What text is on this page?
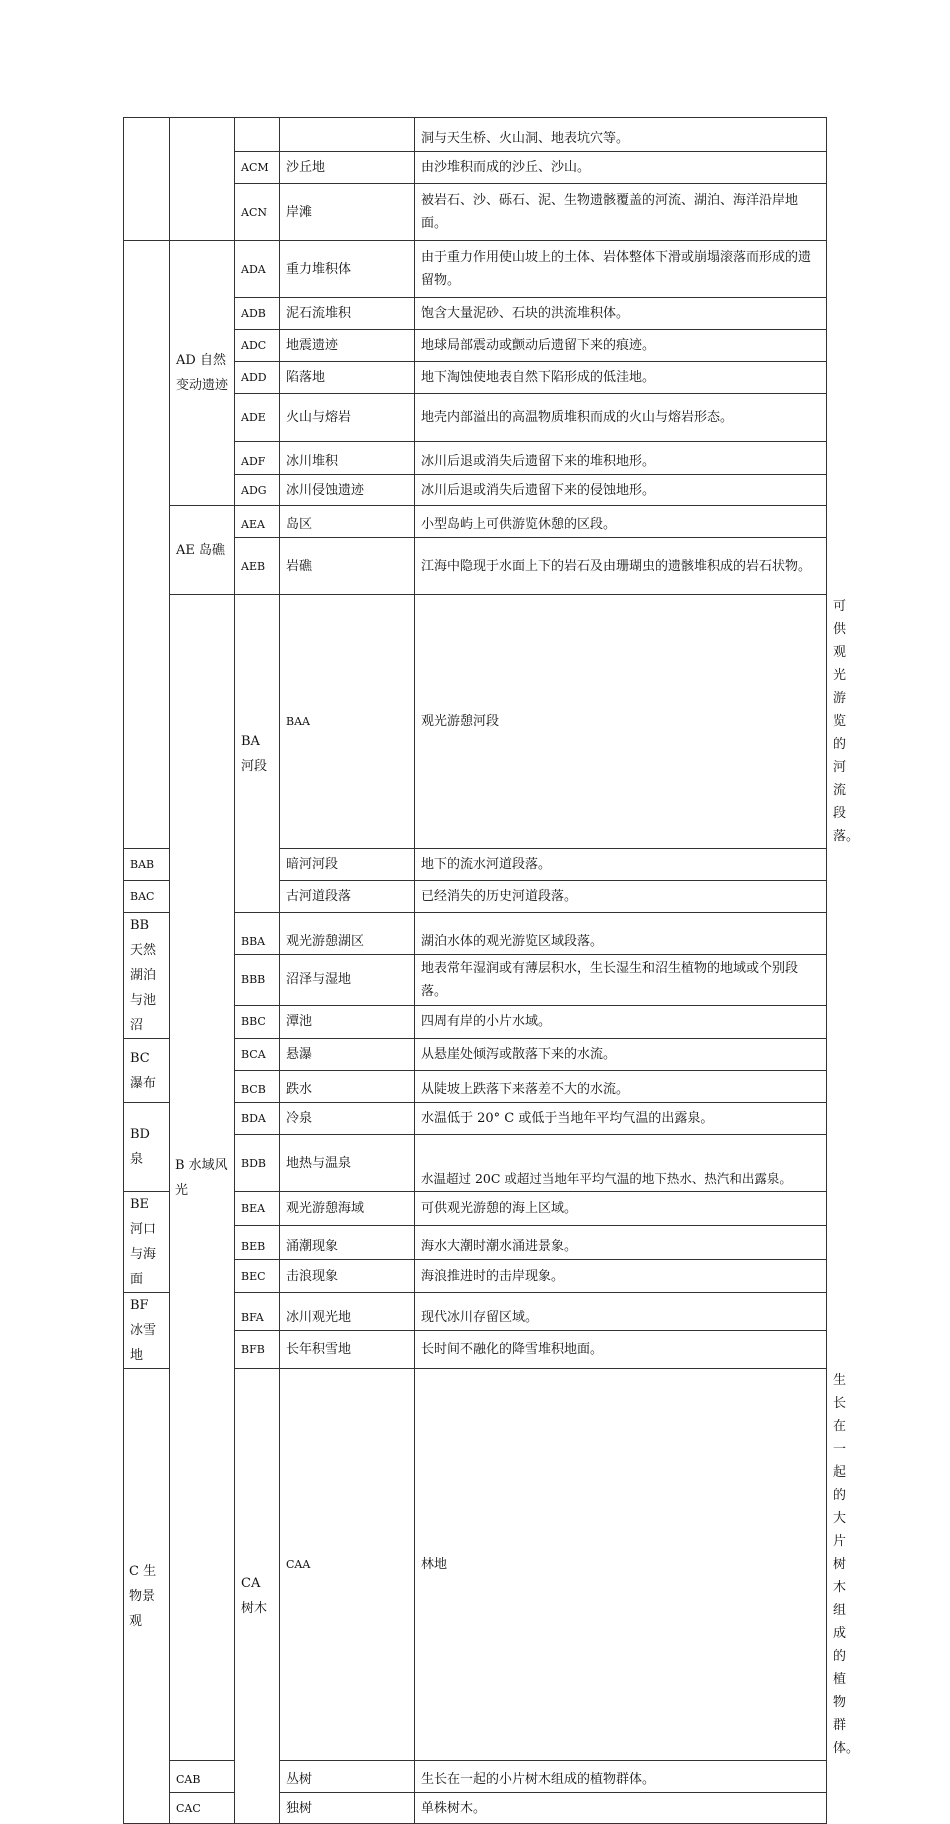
				洞与天生桥、火山洞、地表坑穴等。	
		ACM	沙丘地	由沙堆积而成的沙丘、沙山。	
		ACN	岸滩	被岩石、沙、砾石、泥、生物遗骸覆盖的河流、湖泊、海洋沿岸地面。	
	AD 自然变动遗迹	ADA	重力堆积体	由于重力作用使山坡上的土体、岩体整体下滑或崩塌滚落而形成的遗留物。	
		ADB	泥石流堆积	饱含大量泥砂、石块的洪流堆积体。	
		ADC	地震遗迹	地球局部震动或颤动后遗留下来的痕迹。	
		ADD	陷落地	地下淘蚀使地表自然下陷形成的低洼地。	
		ADE	火山与熔岩	地壳内部溢出的高温物质堆积而成的火山与熔岩形态。	
		ADF	冰川堆积	冰川后退或消失后遗留下来的堆积地形。	
		ADG	冰川侵蚀遗迹	冰川后退或消失后遗留下来的侵蚀地形。	
	AE 岛礁	AEA	岛区	小型岛屿上可供游览休憩的区段。	
		AEB	岩礁	江海中隐现于水面上下的岩石及由珊瑚虫的遗骸堆积成的岩石状物。	
	B 水域风光	BA 河段	BAA	观光游憩河段	可供观光游览的河流段落。
BAB			暗河河段	地下的流水河道段落。	
BAC			古河道段落	已经消失的历史河道段落。	
BB 天然湖泊与池沼		BBA	观光游憩湖区	湖泊水体的观光游览区域段落。	
		BBB	沼泽与湿地	地表常年湿润或有薄层积水，生长湿生和沼生植物的地域或个别段落。	
		BBC	潭池	四周有岸的小片水域。	
BC 瀑布		BCA	悬瀑	从悬崖处倾泻或散落下来的水流。	
		BCB	跌水	从陡坡上跌落下来落差不大的水流。	
BD 泉		BDA	冷泉	水温低于 20° C 或低于当地年平均气温的出露泉。	
		BDB	地热与温泉	水温超过 20C 或超过当地年平均气温的地下热水、热汽和出露泉。	
BE 河口与海面		BEA	观光游憩海域	可供观光游憩的海上区域。	
		BEB	涌潮现象	海水大潮时潮水涌进景象。	
		BEC	击浪现象	海浪推进时的击岸现象。	
BF 冰雪地		BFA	冰川观光地	现代冰川存留区域。	
		BFB	长年积雪地	长时间不融化的降雪堆积地面。	
C 生物景观		CA 树木	CAA	林地	生长在一起的大片树木组成的植物群体。
	CAB		丛树	生长在一起的小片树木组成的植物群体。	
	CAC		独树	单株树木。	
